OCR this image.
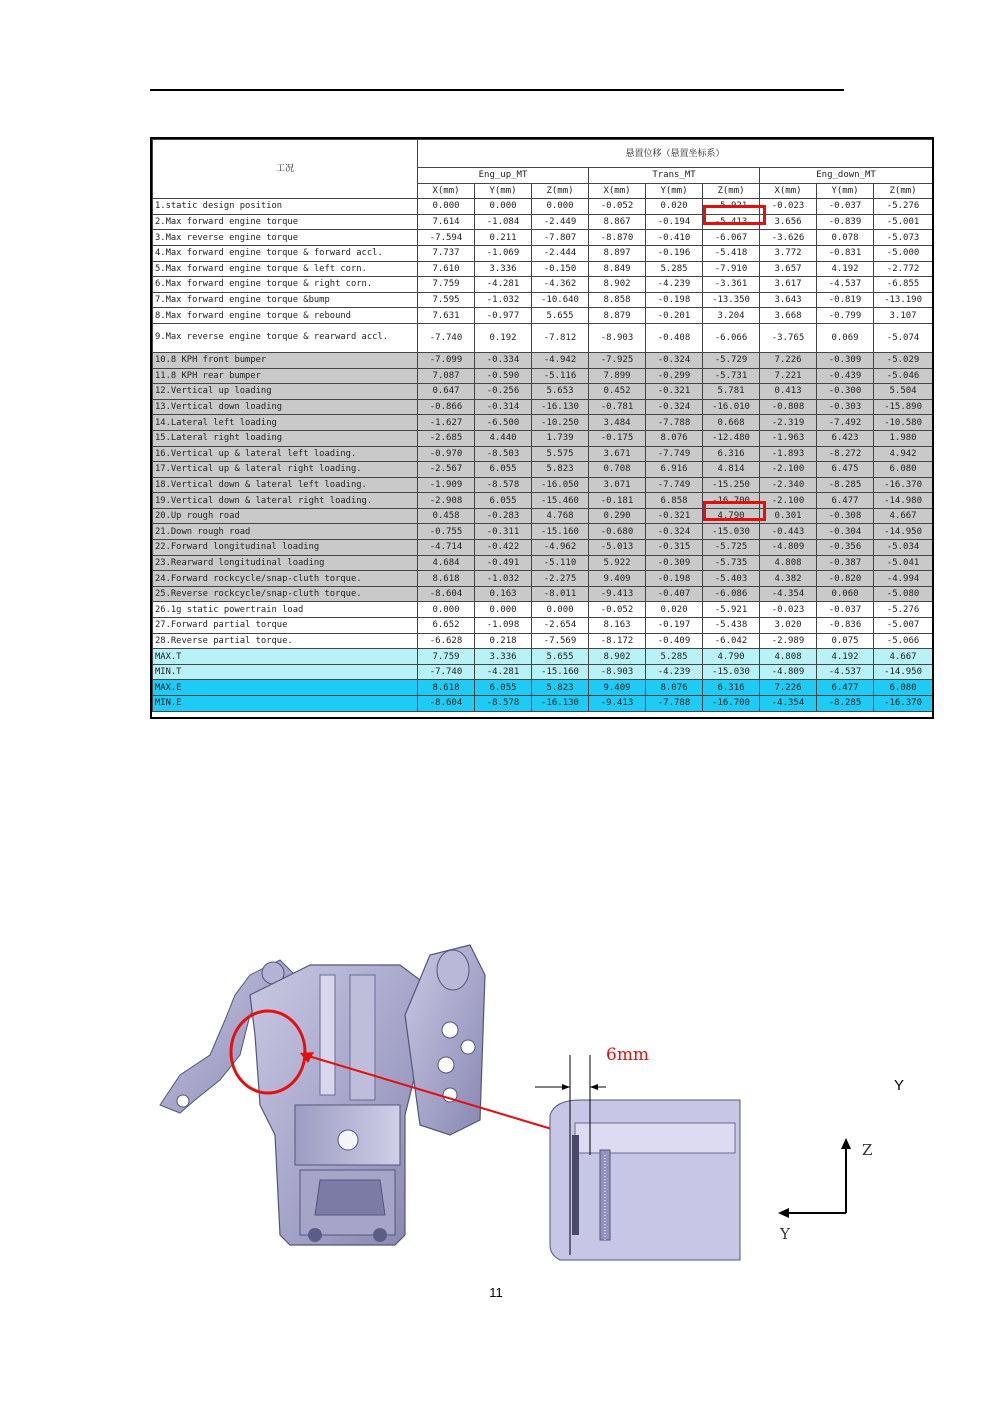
工况	悬置位移（悬置坐标系）								
	Eng_up_MT			Trans_MT			Eng_down_MT		
	X(mm)	Y(mm)	Z(mm)	X(mm)	Y(mm)	Z(mm)	X(mm)	Y(mm)	Z(mm)
1.static design position	0.000	0.000	0.000	-0.052	0.020	-5.921	-0.023	-0.037	-5.276
2.Max forward engine torque	7.614	-1.084	-2.449	8.867	-0.194	-5.413	3.656	-0.839	-5.001
3.Max reverse engine torque	-7.594	0.211	-7.807	-8.870	-0.410	-6.067	-3.626	0.078	-5.073
4.Max forward engine torque & forward accl.	7.737	-1.069	-2.444	8.897	-0.196	-5.418	3.772	-0.831	-5.000
5.Max forward engine torque & left corn.	7.610	3.336	-0.150	8.849	5.285	-7.910	3.657	4.192	-2.772
6.Max forward engine torque & right corn.	7.759	-4.281	-4.362	8.902	-4.239	-3.361	3.617	-4.537	-6.855
7.Max forward engine torque &bump	7.595	-1.032	-10.640	8.858	-0.198	-13.350	3.643	-0.819	-13.190
8.Max forward engine torque & rebound	7.631	-0.977	5.655	8.879	-0.201	3.204	3.668	-0.799	3.107
9.Max reverse engine torque & rearward accl.	-7.740	0.192	-7.812	-8.903	-0.408	-6.066	-3.765	0.069	-5.074
10.8 KPH front bumper	-7.099	-0.334	-4.942	-7.925	-0.324	-5.729	7.226	-0.309	-5.029
11.8 KPH rear bumper	7.087	-0.590	-5.116	7.899	-0.299	-5.731	7.221	-0.439	-5.046
12.Vertical up loading	0.647	-0.256	5.653	0.452	-0.321	5.781	0.413	-0.300	5.504
13.Vertical down loading	-0.866	-0.314	-16.130	-0.781	-0.324	-16.010	-0.808	-0.303	-15.890
14.Lateral left loading	-1.627	-6.500	-10.250	3.484	-7.788	0.668	-2.319	-7.492	-10.580
15.Lateral right loading	-2.685	4.440	1.739	-0.175	8.076	-12.480	-1.963	6.423	1.980
16.Vertical up & lateral left loading.	-0.970	-8.503	5.575	3.671	-7.749	6.316	-1.893	-8.272	4.942
17.Vertical up & lateral right loading.	-2.567	6.055	5.823	0.708	6.916	4.814	-2.100	6.475	6.080
18.Vertical down & lateral left loading.	-1.909	-8.578	-16.050	3.071	-7.749	-15.250	-2.340	-8.285	-16.370
19.Vertical down & lateral right loading.	-2.908	6.055	-15.460	-0.181	6.858	-16.700	-2.100	6.477	-14.980
20.Up rough road	0.458	-0.283	4.768	0.290	-0.321	4.790	0.301	-0.308	4.667
21.Down rough road	-0.755	-0.311	-15.160	-0.680	-0.324	-15.030	-0.443	-0.304	-14.950
22.Forward longitudinal loading	-4.714	-0.422	-4.962	-5.013	-0.315	-5.725	-4.809	-0.356	-5.034
23.Rearward longitudinal loading	4.684	-0.491	-5.110	5.922	-0.309	-5.735	4.808	-0.387	-5.041
24.Forward rockcycle/snap-cluth torque.	8.618	-1.032	-2.275	9.409	-0.198	-5.403	4.382	-0.820	-4.994
25.Reverse rockcycle/snap-cluth torque.	-8.604	0.163	-8.011	-9.413	-0.407	-6.086	-4.354	0.060	-5.080
26.1g static powertrain load	0.000	0.000	0.000	-0.052	0.020	-5.921	-0.023	-0.037	-5.276
27.Forward partial torque	6.652	-1.098	-2.654	8.163	-0.197	-5.438	3.020	-0.836	-5.007
28.Reverse partial torque.	-6.628	0.218	-7.569	-8.172	-0.409	-6.042	-2.989	0.075	-5.066
MAX.T	7.759	3.336	5.655	8.902	5.285	4.790	4.808	4.192	4.667
MIN.T	-7.740	-4.281	-15.160	-8.903	-4.239	-15.030	-4.809	-4.537	-14.950
MAX.E	8.618	6.055	5.823	9.409	8.076	6.316	7.226	6.477	6.080
MIN.E	-8.604	-8.578	-16.130	-9.413	-7.788	-16.700	-4.354	-8.285	-16.370
6mm
Z
Y
Y
11
